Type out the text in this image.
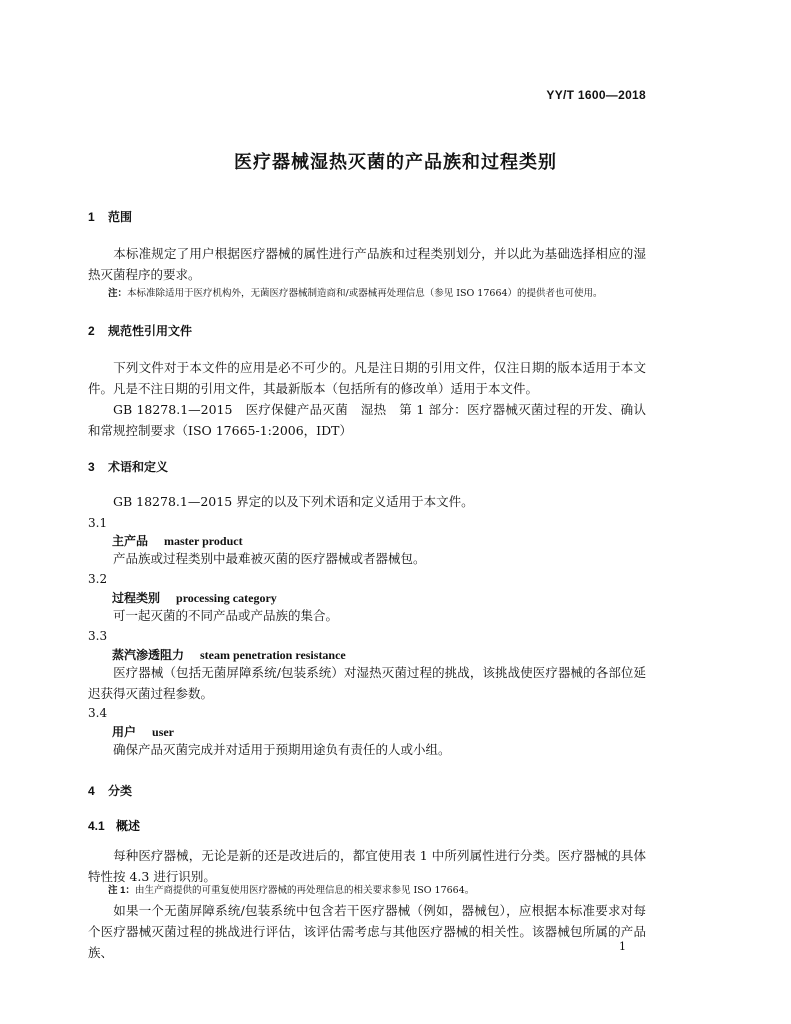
YY/T 1600—2018
医疗器械湿热灭菌的产品族和过程类别
1 范围
本标准规定了用户根据医疗器械的属性进行产品族和过程类别划分，并以此为基础选择相应的湿热灭菌程序的要求。
注：本标准除适用于医疗机构外，无菌医疗器械制造商和/或器械再处理信息（参见 ISO 17664）的提供者也可使用。
2 规范性引用文件
下列文件对于本文件的应用是必不可少的。凡是注日期的引用文件，仅注日期的版本适用于本文件。凡是不注日期的引用文件，其最新版本（包括所有的修改单）适用于本文件。
GB 18278.1—2015　医疗保健产品灭菌　湿热　第 1 部分：医疗器械灭菌过程的开发、确认和常规控制要求（ISO 17665-1:2006，IDT）
3 术语和定义
GB 18278.1—2015 界定的以及下列术语和定义适用于本文件。
3.1
主产品 master product
产品族或过程类别中最难被灭菌的医疗器械或者器械包。
3.2
过程类别 processing category
可一起灭菌的不同产品或产品族的集合。
3.3
蒸汽渗透阻力 steam penetration resistance
医疗器械（包括无菌屏障系统/包装系统）对湿热灭菌过程的挑战，该挑战使医疗器械的各部位延迟获得灭菌过程参数。
3.4
用户 user
确保产品灭菌完成并对适用于预期用途负有责任的人或小组。
4 分类
4.1 概述
每种医疗器械，无论是新的还是改进后的，都宜使用表 1 中所列属性进行分类。医疗器械的具体特性按 4.3 进行识别。
注 1：由生产商提供的可重复使用医疗器械的再处理信息的相关要求参见 ISO 17664。
如果一个无菌屏障系统/包装系统中包含若干医疗器械（例如，器械包），应根据本标准要求对每个医疗器械灭菌过程的挑战进行评估，该评估需考虑与其他医疗器械的相关性。该器械包所属的产品族、	1
